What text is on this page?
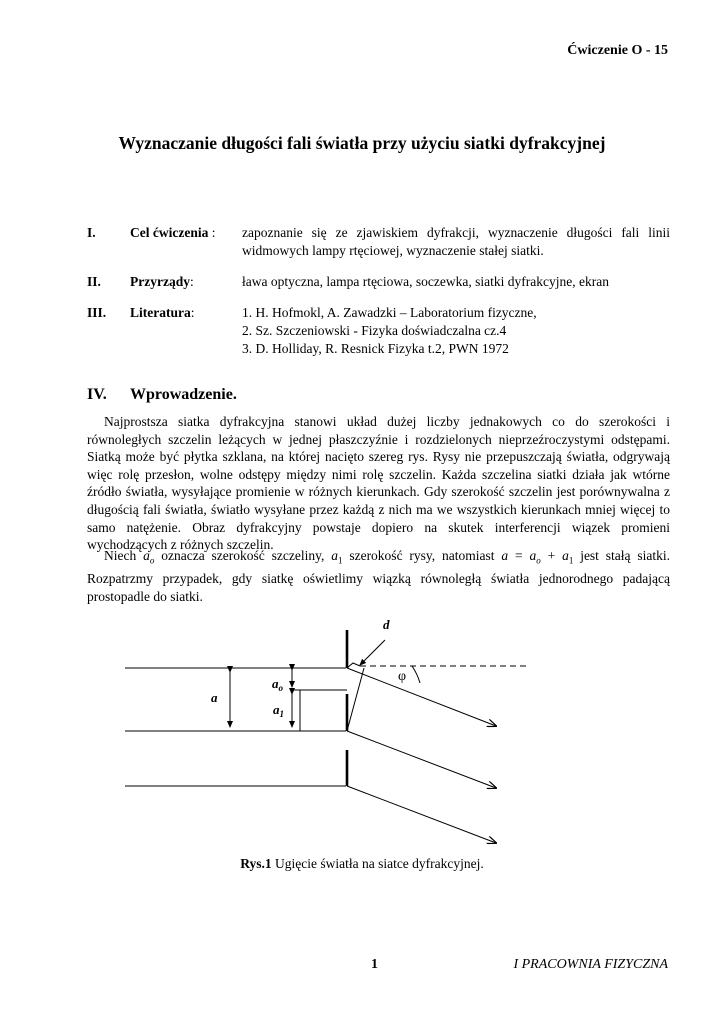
Ćwiczenie O - 15
Wyznaczanie długości fali światła przy użyciu siatki dyfrakcyjnej
I.	Cel ćwiczenia : zapoznanie się ze zjawiskiem dyfrakcji, wyznaczenie długości fali linii widmowych lampy rtęciowej, wyznaczenie stałej siatki.
II. Przyrządy:	ława optyczna, lampa rtęciowa, soczewka, siatki dyfrakcyjne, ekran
III. Literatura:	1. H. Hofmokl, A. Zawadzki – Laboratorium fizyczne,
2. Sz. Szczeniowski - Fizyka doświadczalna cz.4
3. D. Holliday, R. Resnick Fizyka t.2, PWN 1972
IV. Wprowadzenie.
Najprostsza siatka dyfrakcyjna stanowi układ dużej liczby jednakowych co do szerokości i równoległych szczelin leżących w jednej płaszczyźnie i rozdzielonych nieprzeźroczystymi odstępami. Siatką może być płytka szklana, na której nacięto szereg rys. Rysy nie przepuszczają światła, odgrywają więc rolę przesłon, wolne odstępy między nimi rolę szczelin. Każda szczelina siatki działa jak wtórne źródło światła, wysyłające promienie w różnych kierunkach. Gdy szerokość szczelin jest porównywalna z długością fali światła, światło wysyłane przez każdą z nich ma we wszystkich kierunkach mniej więcej to samo natężenie. Obraz dyfrakcyjny powstaje dopiero na skutek interferencji wiązek promieni wychodzących z różnych szczelin.
Niech $a_o$ oznacza szerokość szczeliny, $a_1$ szerokość rysy, natomiast $a = a_o + a_1$ jest stałą siatki. Rozpatrzmy przypadek, gdy siatkę oświetlimy wiązką równoległą światła jednorodnego padającą prostopadle do siatki.
d
φ
a
$a_o$
$a_1$
Rys.1 Ugięcie światła na siatce dyfrakcyjnej.
1	I PRACOWNIA FIZYCZNA
